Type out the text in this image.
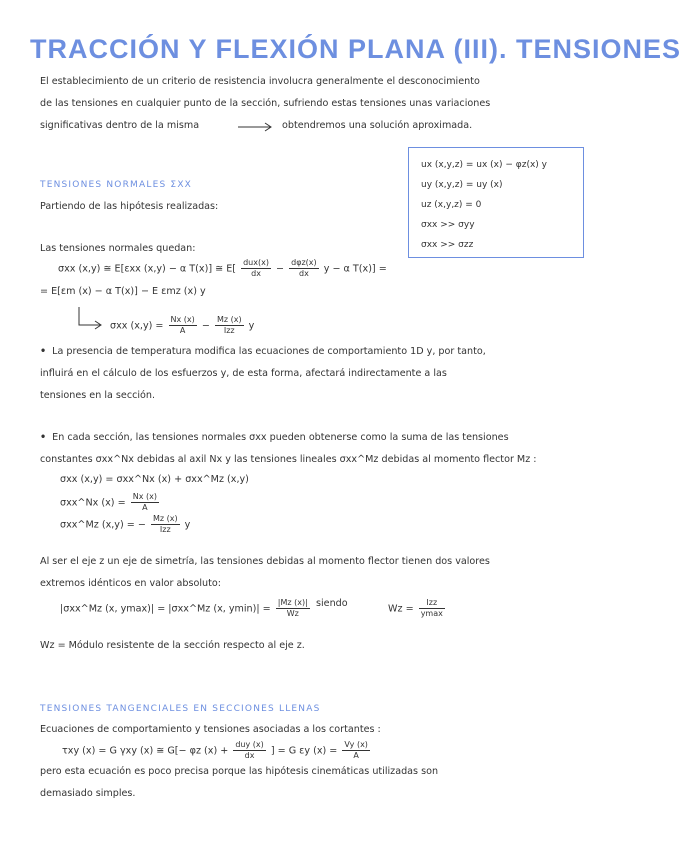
TRACCIÓN Y FLEXIÓN PLANA (III). TENSIONES
El establecimiento de un criterio de resistencia involucra generalmente el desconocimiento
de las tensiones en cualquier punto de la sección, sufriendo estas tensiones unas variaciones
significativas dentro de la misma	obtendremos una solución aproximada.
ux (x,y,z) = ux (x) − φz(x) y
uy (x,y,z) = uy (x)
uz (x,y,z) = 0
σxx >> σyy
σxx >> σzz
TENSIONES NORMALES ΣXX
Partiendo de las hipótesis realizadas:
Las tensiones normales quedan:
σxx (x,y) ≅ E[εxx (x,y) − α T(x)] ≅ $E[ \frac{\text{dux(x)}}{dx} - \frac{\text{dφz(x)}}{dx}$ y − α T(x)] =
= E[εm (x) − α T(x)] − E εmz (x) y
σxx $(x,y) = \frac{Nx (x)}{A} - \frac{Mz (x)}{\text{Izz}}$ y
• La presencia de temperatura modifica las ecuaciones de comportamiento 1D y, por tanto,
influirá en el cálculo de los esfuerzos y, de esta forma, afectará indirectamente a las
tensiones en la sección.
• En cada sección, las tensiones normales σxx pueden obtenerse como la suma de las tensiones
constantes σxx^Nx debidas al axil Nx y las tensiones lineales σxx^Mz debidas al momento flector Mz :
σxx (x,y) = σxx^Nx (x) + σxx^Mz (x,y)
σxx^Nx $(x) = \frac{Nx (x)}{A}$
σxx^Mz (x,y) = − $\frac{Mz (x)}{\text{Izz}}$ y
Al ser el eje z un eje de simetría, las tensiones debidas al momento flector tienen dos valores
extremos idénticos en valor absoluto:
|σxx^Mz (x, ymax)| = |σxx^Mz (x, $ymin)| = \frac{|Mz (x)|}{Wz}$ siendo	$Wz = \frac{\text{Izz}}{ymax}$
Wz = Módulo resistente de la sección respecto al eje z.
TENSIONES TANGENCIALES EN SECCIONES LLENAS
Ecuaciones de comportamiento y tensiones asociadas a los cortantes :
τxy (x) = G γxy (x) ≅ G[− φz $(x) + \frac{\text{duy (x)}}{dx}$ ] = G εy $(x) = \frac{Vy (x)}{A}$
pero esta ecuación es poco precisa porque las hipótesis cinemáticas utilizadas son
demasiado simples.
